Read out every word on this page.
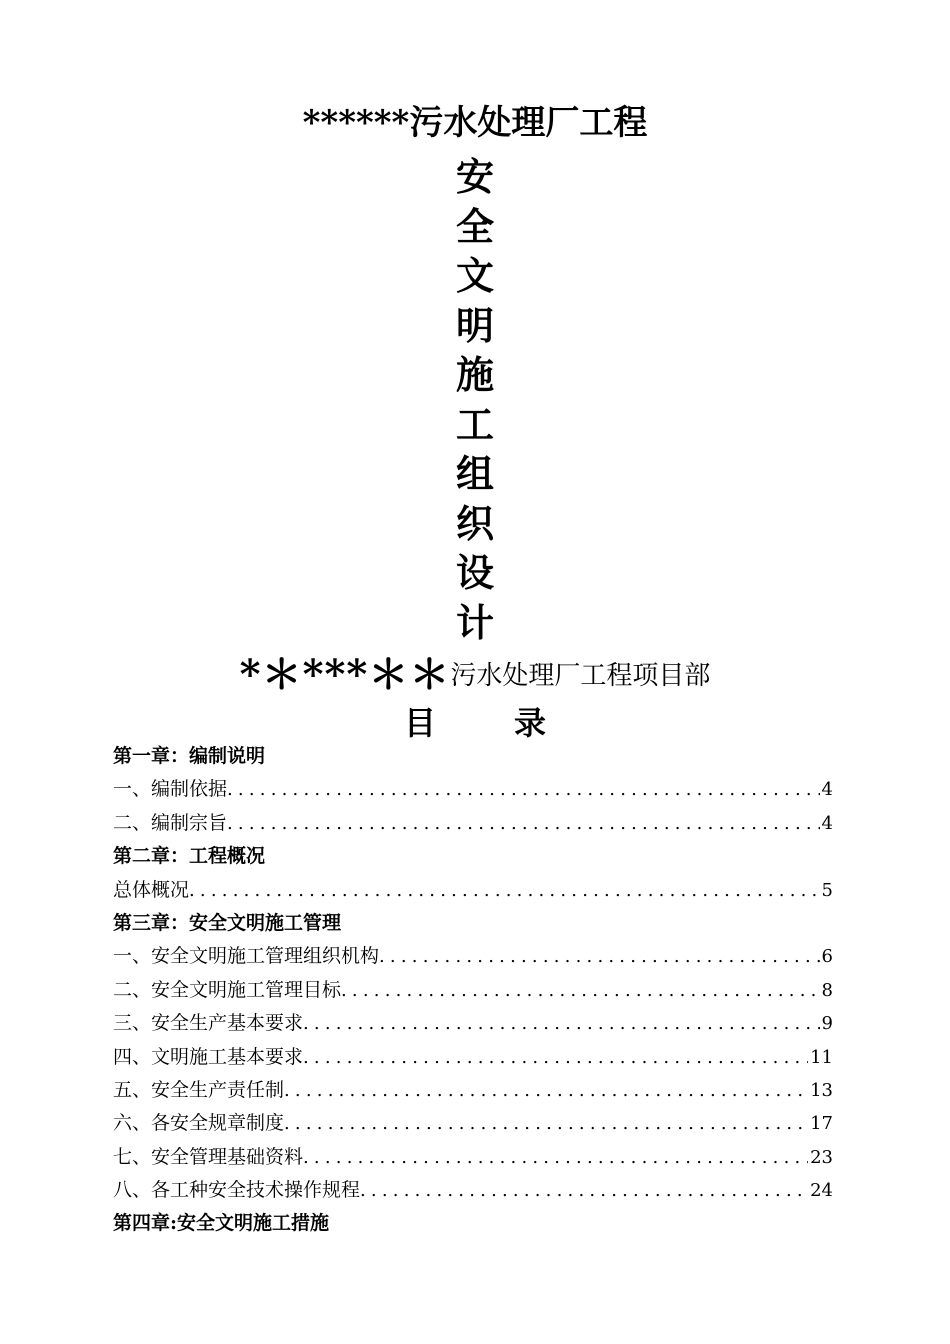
******污水处理厂工程
安
全
文
明
施
工
组
织
设
计
*＊***＊＊污水处理厂工程项目部
目 录
第一章：编制说明
一、编制依据 .....	4
二、编制宗旨 .....	4
第二章：工程概况
总体概况 .....	5
第三章：安全文明施工管理
一、安全文明施工管理组织机构 .....	6
二、安全文明施工管理目标 .....	8
三、安全生产基本要求 .....	9
四、文明施工基本要求 .....	11
五、安全生产责任制 .....	13
六、各安全规章制度 .....	17
七、安全管理基础资料 .....	23
八、各工种安全技术操作规程 .....	24
第四章:安全文明施工措施
